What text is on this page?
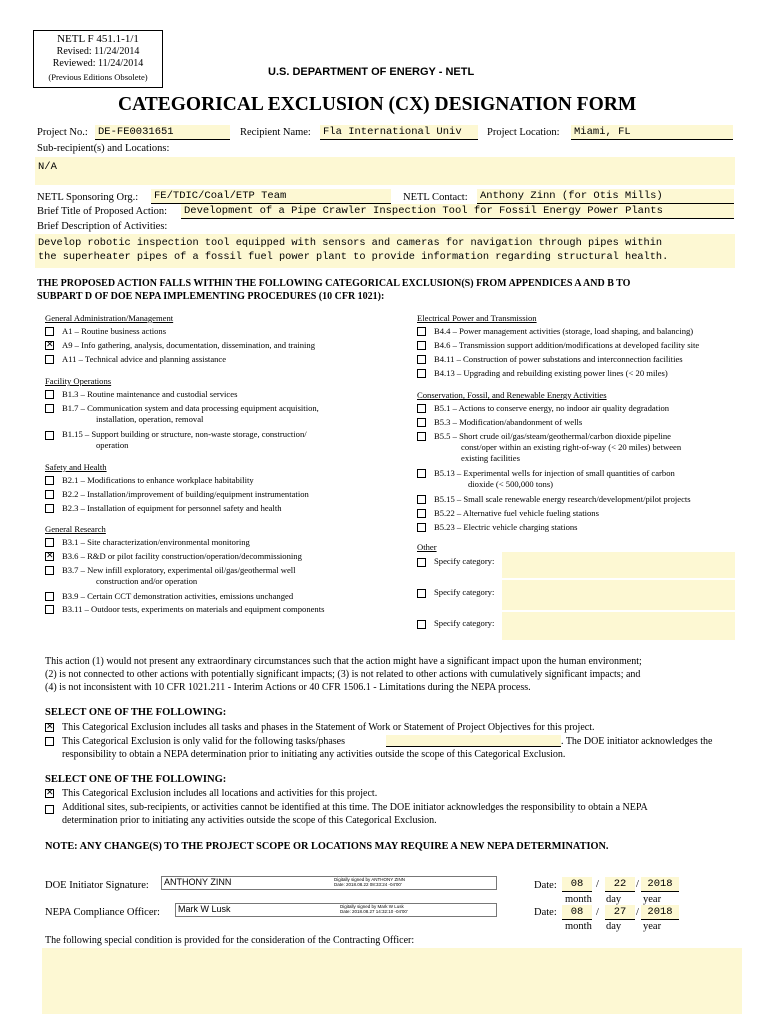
NETL F 451.1-1/1
Revised: 11/24/2014
Reviewed: 11/24/2014
(Previous Editions Obsolete)	U.S. DEPARTMENT OF ENERGY - NETL
CATEGORICAL EXCLUSION (CX) DESIGNATION FORM
Project No.: DE-FE0031651	Recipient Name: Fla International Univ	Project Location: Miami, FL
Sub-recipient(s) and Locations:
N/A
NETL Sponsoring Org.: FE/TDIC/Coal/ETP Team	NETL Contact: Anthony Zinn (for Otis Mills)
Brief Title of Proposed Action: Development of a Pipe Crawler Inspection Tool for Fossil Energy Power Plants
Brief Description of Activities:
Develop robotic inspection tool equipped with sensors and cameras for navigation through pipes within
the superheater pipes of a fossil fuel power plant to provide information regarding structural health.
THE PROPOSED ACTION FALLS WITHIN THE FOLLOWING CATEGORICAL EXCLUSION(S) FROM APPENDICES A AND B TO
SUBPART D OF DOE NEPA IMPLEMENTING PROCEDURES (10 CFR 1021):
General Administration/Management
A1 – Routine business actions
✕ A9 – Info gathering, analysis, documentation, dissemination, and training
A11 – Technical advice and planning assistance
Facility Operations
B1.3 – Routine maintenance and custodial services
B1.7 – Communication system and data processing equipment acquisition,
installation, operation, removal
B1.15 – Support building or structure, non-waste storage, construction/
operation
Safety and Health
B2.1 – Modifications to enhance workplace habitability
B2.2 – Installation/improvement of building/equipment instrumentation
B2.3 – Installation of equipment for personnel safety and health
General Research
B3.1 – Site characterization/environmental monitoring
✕ B3.6 – R&D or pilot facility construction/operation/decommissioning
B3.7 – New infill exploratory, experimental oil/gas/geothermal well
construction and/or operation
B3.9 – Certain CCT demonstration activities, emissions unchanged
B3.11 – Outdoor tests, experiments on materials and equipment components
Electrical Power and Transmission
B4.4 – Power management activities (storage, load shaping, and balancing)
B4.6 – Transmission support addition/modifications at developed facility site
B4.11 – Construction of power substations and interconnection facilities
B4.13 – Upgrading and rebuilding existing power lines (< 20 miles)
Conservation, Fossil, and Renewable Energy Activities
B5.1 – Actions to conserve energy, no indoor air quality degradation
B5.3 – Modification/abandonment of wells
B5.5 – Short crude oil/gas/steam/geothermal/carbon dioxide pipeline
const/oper within an existing right-of-way (< 20 miles) between
existing facilities
B5.13 – Experimental wells for injection of small quantities of carbon
dioxide (< 500,000 tons)
B5.15 – Small scale renewable energy research/development/pilot projects
B5.22 – Alternative fuel vehicle fueling stations
B5.23 – Electric vehicle charging stations
Other
Specify category:
Specify category:
Specify category:
This action (1) would not present any extraordinary circumstances such that the action might have a significant impact upon the human environment;
(2) is not connected to other actions with potentially significant impacts; (3) is not related to other actions with cumulatively significant impacts; and
(4) is not inconsistent with 10 CFR 1021.211 - Interim Actions or 40 CFR 1506.1 - Limitations during the NEPA process.
SELECT ONE OF THE FOLLOWING:
✕ This Categorical Exclusion includes all tasks and phases in the Statement of Work or Statement of Project Objectives for this project.
This Categorical Exclusion is only valid for the following tasks/phases	. The DOE initiator acknowledges the
responsibility to obtain a NEPA determination prior to initiating any activities outside the scope of this Categorical Exclusion.
SELECT ONE OF THE FOLLOWING:
✕ This Categorical Exclusion includes all locations and activities for this project.
Additional sites, sub-recipients, or activities cannot be identified at this time. The DOE initiator acknowledges the responsibility to obtain a NEPA
determination prior to initiating any activities outside the scope of this Categorical Exclusion.
NOTE: ANY CHANGE(S) TO THE PROJECT SCOPE OR LOCATIONS MAY REQUIRE A NEW NEPA DETERMINATION.
DOE Initiator Signature: ANTHONY ZINN	Digitally signed by ANTHONY ZINN
Date: 2018.08.22 08:33:24 -04'00'
NEPA Compliance Officer: Mark W Lusk	Digitally signed by Mark W Lusk
Date: 2018.08.27 14:32:10 -04'00'
Date:	08	/	22 / 2018
month day year
Date:	08	/	27 / 2018
month day year
The following special condition is provided for the consideration of the Contracting Officer:
